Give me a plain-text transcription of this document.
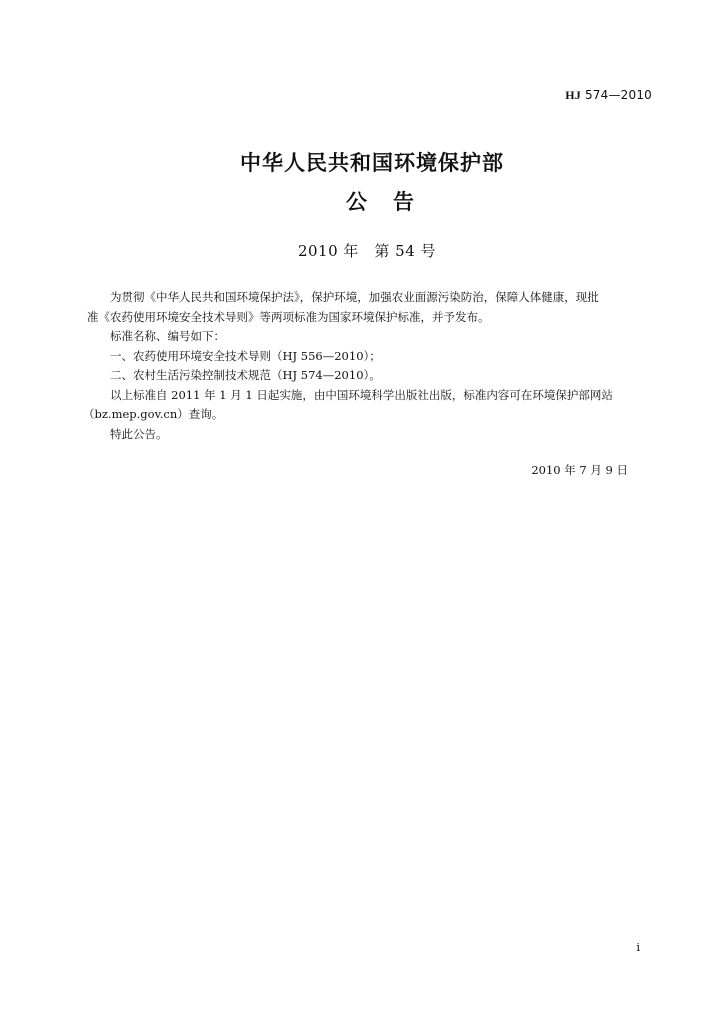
HJ 574—2010
中华人民共和国环境保护部
公告
2010 年　第 54 号

为贯彻《中华人民共和国环境保护法》，保护环境，加强农业面源污染防治，保障人体健康，现批

准《农药使用环境安全技术导则》等两项标准为国家环境保护标准，并予发布。

标准名称、编号如下：

一、农药使用环境安全技术导则（HJ 556—2010）；

二、农村生活污染控制技术规范（HJ 574—2010）。

以上标准自 2011 年 1 月 1 日起实施，由中国环境科学出版社出版，标准内容可在环境保护部网站

（bz.mep.gov.cn）查询。

特此公告。

2010 年 7 月 9 日
i
